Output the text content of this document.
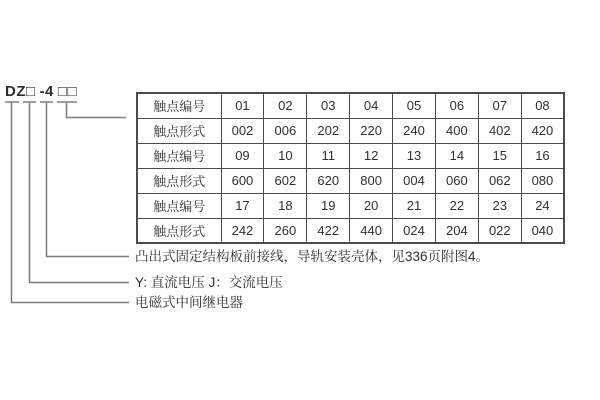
DZ□ -4 □□
触点编号	01	02	03	04	05	06	07	08
触点形式	002	006	202	220	240	400	402	420
触点编号	09	10	11	12	13	14	15	16
触点形式	600	602	620	800	004	060	062	080
触点编号	17	18	19	20	21	22	23	24
触点形式	242	260	422	440	024	204	022	040
凸出式固定结构板前接线，导轨安装壳体，见336页附图4。
Y: 直流电压 J：交流电压
电磁式中间继电器
